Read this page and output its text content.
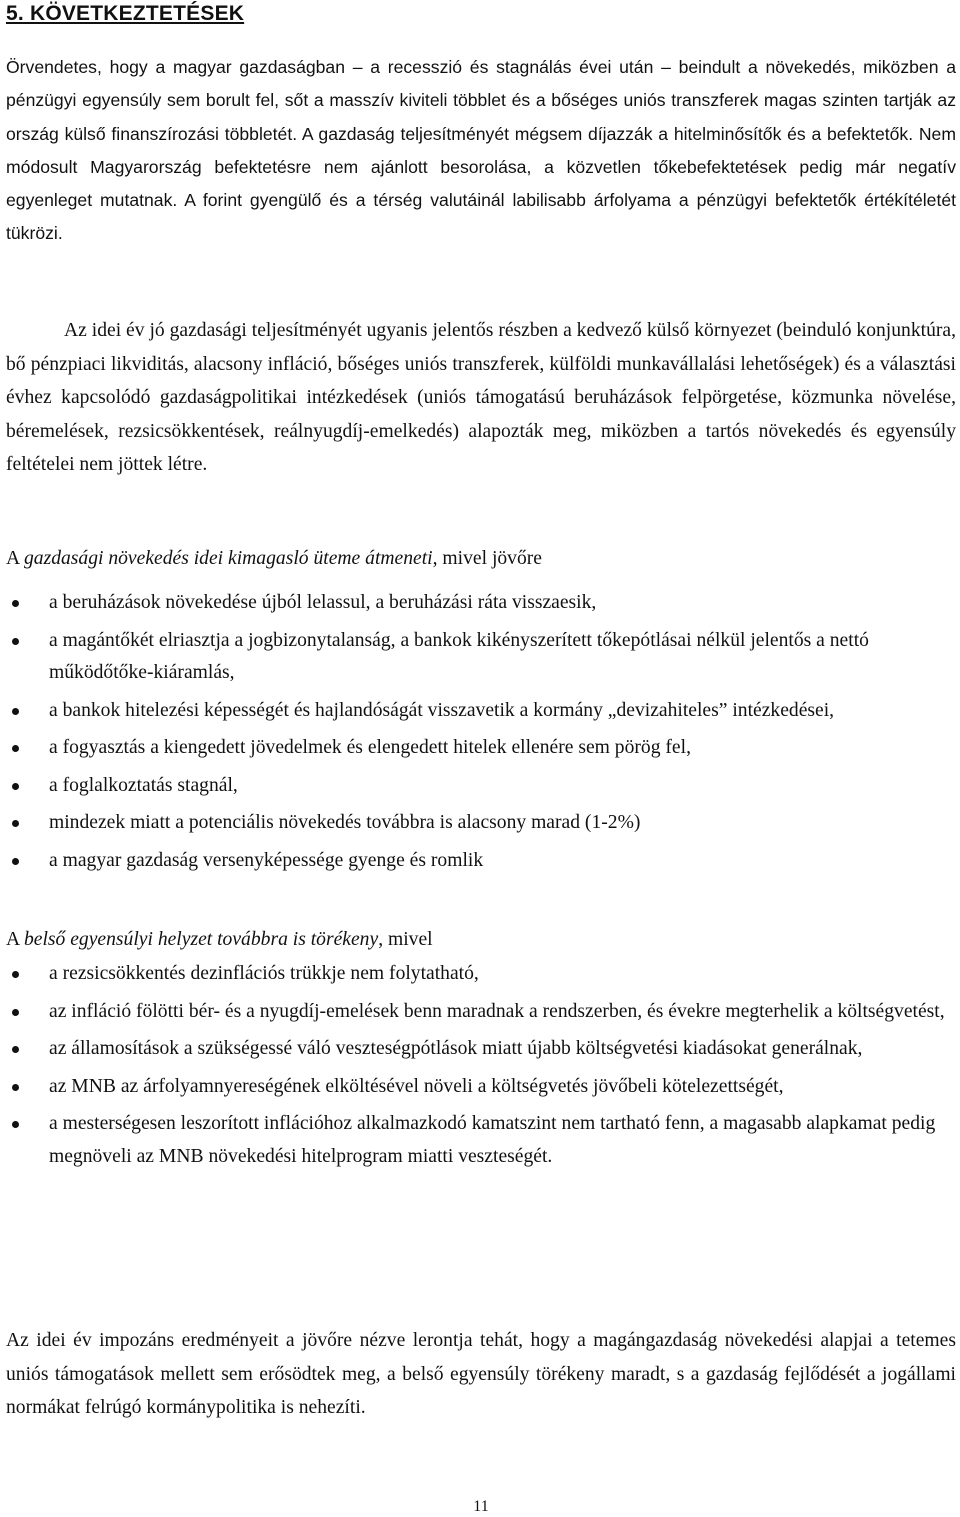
5. KÖVETKEZTETÉSEK

Örvendetes, hogy a magyar gazdaságban – a recesszió és stagnálás évei után – beindult a növekedés, miközben a pénzügyi egyensúly sem borult fel, sőt a masszív kiviteli többlet és a bőséges uniós transzferek magas szinten tartják az ország külső finanszírozási többletét. A gazdaság teljesítményét mégsem díjazzák a hitelminősítők és a befektetők. Nem módosult Magyarország befektetésre nem ajánlott besorolása, a közvetlen tőkebefektetések pedig már negatív egyenleget mutatnak. A forint gyengülő és a térség valutáinál labilisabb árfolyama a pénzügyi befektetők értékítéletét tükrözi.

Az idei év jó gazdasági teljesítményét ugyanis jelentős részben a kedvező külső környezet (beinduló konjunktúra, bő pénzpiaci likviditás, alacsony infláció, bőséges uniós transzferek, külföldi munkavállalási lehetőségek) és a választási évhez kapcsolódó gazdaságpolitikai intézkedések (uniós támogatású beruházások felpörgetése, közmunka növelése, béremelések, rezsicsökkentések, reálnyugdíj-emelkedés) alapozták meg, miközben a tartós növekedés és egyensúly feltételei nem jöttek létre.

A gazdasági növekedés idei kimagasló üteme átmeneti, mivel jövőre
a beruházások növekedése újból lelassul, a beruházási ráta visszaesik,
a magántőkét elriasztja a jogbizonytalanság, a bankok kikényszerített tőkepótlásai nélkül jelentős a nettó működőtőke-kiáramlás,
a bankok hitelezési képességét és hajlandóságát visszavetik a kormány „devizahiteles” intézkedései,
a fogyasztás a kiengedett jövedelmek és elengedett hitelek ellenére sem pörög fel,
a foglalkoztatás stagnál,
mindezek miatt a potenciális növekedés továbbra is alacsony marad (1-2%)
a magyar gazdaság versenyképessége gyenge és romlik
A belső egyensúlyi helyzet továbbra is törékeny, mivel
a rezsicsökkentés dezinflációs trükkje nem folytatható,
az infláció fölötti bér- és a nyugdíj-emelések benn maradnak a rendszerben, és évekre megterhelik a költségvetést,
az államosítások a szükségessé váló veszteségpótlások miatt újabb költségvetési kiadásokat generálnak,
az MNB az árfolyamnyereségének elköltésével növeli a költségvetés jövőbeli kötelezettségét,
a mesterségesen leszorított inflációhoz alkalmazkodó kamatszint nem tartható fenn, a magasabb alapkamat pedig megnöveli az MNB növekedési hitelprogram miatti veszteségét.

Az idei év impozáns eredményeit a jövőre nézve lerontja tehát, hogy a magángazdaság növekedési alapjai a tetemes uniós támogatások mellett sem erősödtek meg, a belső egyensúly törékeny maradt, s a gazdaság fejlődését a jogállami normákat felrúgó kormánypolitika is nehezíti.

11
